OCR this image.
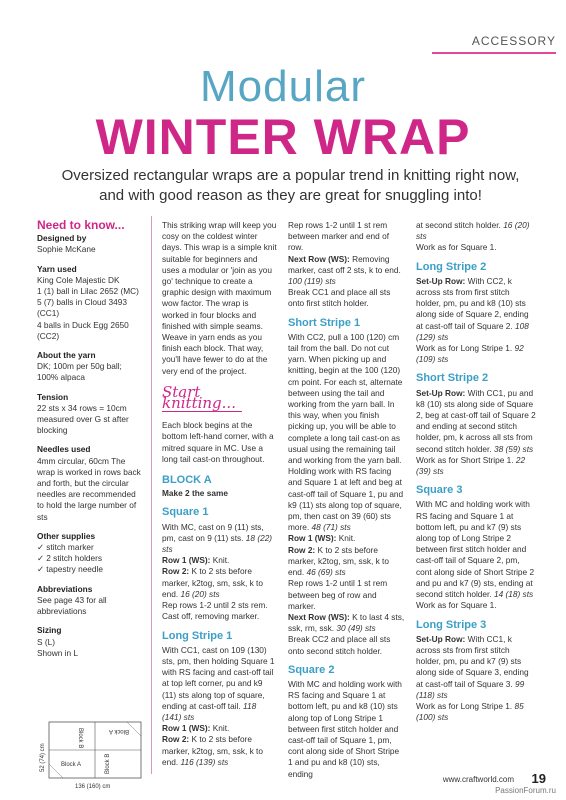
ACCESSORY
Modular
WINTER WRAP
Oversized rectangular wraps are a popular trend in knitting right now, and with good reason as they are great for snuggling into!
Need to know...
Designed by

Sophie McKane

Yarn used

King Cole Majestic DK

1 (1) ball in Lilac 2652 (MC)

5 (7) balls in Cloud 3493 (CC1)

4 balls in Duck Egg 2650 (CC2)

About the yarn

DK; 100m per 50g ball; 100% alpaca

Tension

22 sts x 34 rows = 10cm measured over G st after blocking

Needles used

4mm circular, 60cm The wrap is worked in rows back and forth, but the circular needles are recommended to hold the large number of sts

Other supplies

✓ stitch marker

✓ 2 stitch holders

✓ tapestry needle

Abbreviations

See page 43 for all abbreviations

Sizing

S (L)

Shown in L

Block A
Block A
Block B
Block B
52 (74) cm
136 (160) cm

This striking wrap will keep you cosy on the coldest winter days. This wrap is a simple knit suitable for beginners and uses a modular or 'join as you go' technique to create a graphic design with maximum wow factor. The wrap is worked in four blocks and finished with simple seams. Weave in yarn ends as you finish each block. That way, you'll have fewer to do at the very end of the project.

Start knitting...

Each block begins at the bottom left-hand corner, with a mitred square in MC. Use a long tail cast-on throughout.

BLOCK A

Make 2 the same

Square 1

With MC, cast on 9 (11) sts, pm, cast on 9 (11) sts. 18 (22) sts

Row 1 (WS): Knit.

Row 2: K to 2 sts before marker, k2tog, sm, ssk, k to end. 16 (20) sts

Rep rows 1-2 until 2 sts rem. Cast off, removing marker.

Long Stripe 1

With CC1, cast on 109 (130) sts, pm, then holding Square 1 with RS facing and cast-off tail at top left corner, pu and k9 (11) sts along top of square, ending at cast-off tail. 118 (141) sts

Row 1 (WS): Knit.

Row 2: K to 2 sts before marker, k2tog, sm, ssk, k to end. 116 (139) sts

Rep rows 1-2 until 1 st rem between marker and end of row.

Next Row (WS): Removing marker, cast off 2 sts, k to end. 100 (119) sts

Break CC1 and place all sts onto first stitch holder.

Short Stripe 1

With CC2, pull a 100 (120) cm tail from the ball. Do not cut yarn. When picking up and knitting, begin at the 100 (120) cm point. For each st, alternate between using the tail and working from the yarn ball. In this way, when you finish picking up, you will be able to complete a long tail cast-on as usual using the remaining tail and working from the yarn ball. Holding work with RS facing and Square 1 at left and beg at cast-off tail of Square 1, pu and k9 (11) sts along top of square, pm, then cast on 39 (60) sts more. 48 (71) sts

Row 1 (WS): Knit.

Row 2: K to 2 sts before marker, k2tog, sm, ssk, k to end. 46 (69) sts

Rep rows 1-2 until 1 st rem between beg of row and marker.

Next Row (WS): K to last 4 sts, ssk, rm, ssk. 30 (49) sts

Break CC2 and place all sts onto second stitch holder.

Square 2

With MC and holding work with RS facing and Square 1 at bottom left, pu and k8 (10) sts along top of Long Stripe 1 between first stitch holder and cast-off tail of Square 1, pm, cont along side of Short Stripe 1 and pu and k8 (10) sts, ending

at second stitch holder. 16 (20) sts

Work as for Square 1.

Long Stripe 2

Set-Up Row: With CC2, k across sts from first stitch holder, pm, pu and k8 (10) sts along side of Square 2, ending at cast-off tail of Square 2. 108 (129) sts

Work as for Long Stripe 1. 92 (109) sts

Short Stripe 2

Set-Up Row: With CC1, pu and k8 (10) sts along side of Square 2, beg at cast-off tail of Square 2 and ending at second stitch holder, pm, k across all sts from second stitch holder. 38 (59) sts

Work as for Short Stripe 1. 22 (39) sts

Square 3

With MC and holding work with RS facing and Square 1 at bottom left, pu and k7 (9) sts along top of Long Stripe 2 between first stitch holder and cast-off tail of Square 2, pm, cont along side of Short Stripe 2 and pu and k7 (9) sts, ending at second stitch holder. 14 (18) sts

Work as for Square 1.

Long Stripe 3

Set-Up Row: With CC1, k across sts from first stitch holder, pm, pu and k7 (9) sts along side of Square 3, ending at cast-off tail of Square 3. 99 (118) sts

Work as for Long Stripe 1. 85 (100) sts

www.craftworld.com 19
PassionForum.ru
